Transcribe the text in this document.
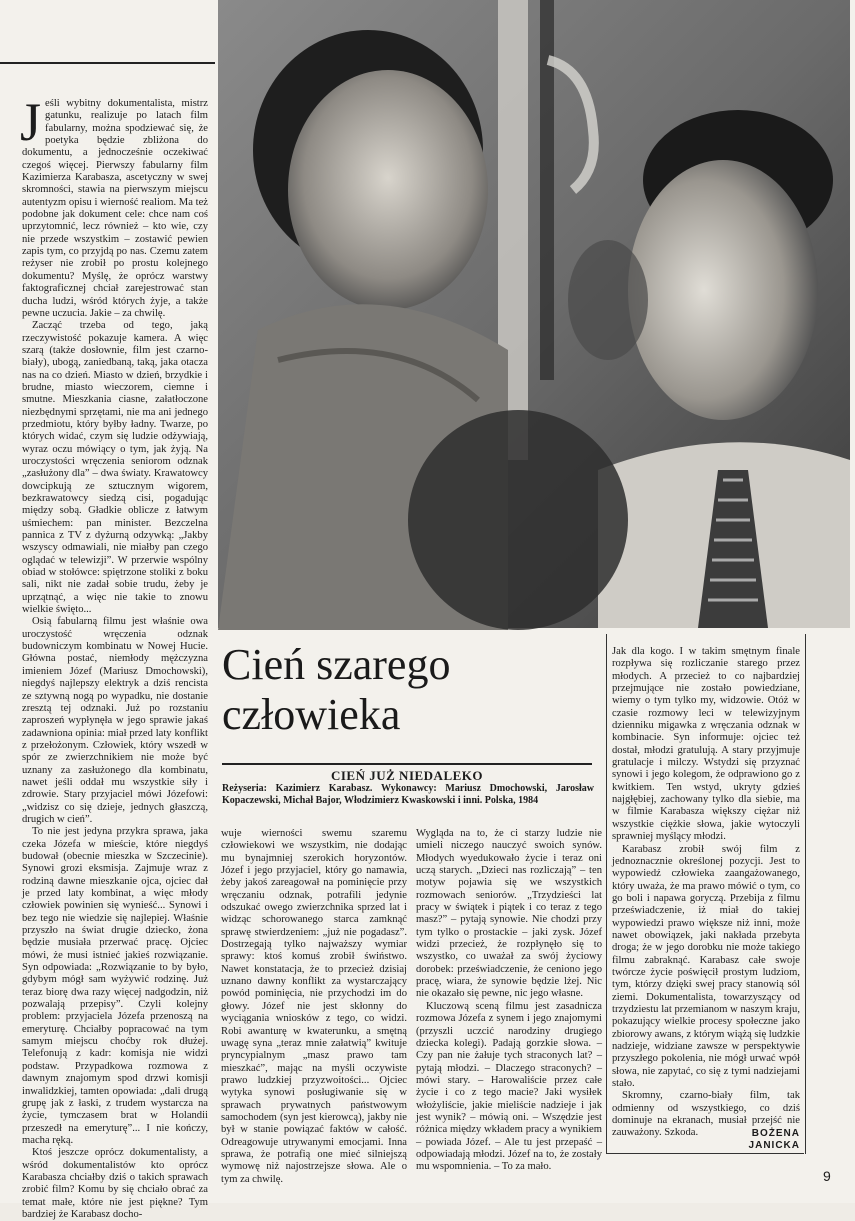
Jeśli wybitny dokumentalista, mistrz gatunku, realizuje po latach film fabularny, można spodziewać się, że poetyka będzie zbliżona do dokumentu, a jednocześnie oczekiwać czegoś więcej. Pierwszy fabularny film Kazimierza Karabasza, ascetyczny w swej skromności, stawia na pierwszym miejscu autentyzm opisu i wierność realiom. Ma też podobne jak dokument cele: chce nam coś uprzytomnić, lecz również – kto wie, czy nie przede wszystkim – zostawić pewien zapis tym, co przyjdą po nas. Czemu zatem reżyser nie zrobił po prostu kolejnego dokumentu? Myślę, że oprócz warstwy faktograficznej chciał zarejestrować stan ducha ludzi, wśród których żyje, a także pewne uczucia. Jakie – za chwilę.

Zacząć trzeba od tego, jaką rzeczywistość pokazuje kamera. A więc szarą (także dosłownie, film jest czarno-biały), ubogą, zaniedbaną, taką, jaka otacza nas na co dzień. Miasto w dzień, brzydkie i brudne, miasto wieczorem, ciemne i smutne. Mieszkania ciasne, załatłoczone niezbędnymi sprzętami, nie ma ani jednego przedmiotu, który byłby ładny. Twarze, po których widać, czym się ludzie odżywiają, wyraz oczu mówiący o tym, jak żyją. Na uroczystości wręczenia seniorom odznak „zasłużony dla” – dwa światy. Krawatowcy dowcipkują ze sztucznym wigorem, bezkrawatowcy siedzą cisi, pogadując między sobą. Gładkie oblicze z łatwym uśmiechem: pan minister. Bezczelna pannica z TV z dyżurną odzywką: „Jakby wszyscy odmawiali, nie miałby pan czego oglądać w telewizji”. W przerwie wspólny obiad w stołówce: spiętrzone stoliki z boku sali, nikt nie zadał sobie trudu, żeby je uprzątnąć, a więc nie takie to znowu wielkie święto...

Osią fabularną filmu jest właśnie owa uroczystość wręczenia odznak budowniczym kombinatu w Nowej Hucie. Główna postać, niemłody mężczyzna imieniem Józef (Mariusz Dmochowski), niegdyś najlepszy elektryk a dziś rencista ze sztywną nogą po wypadku, nie dostanie zresztą tej odznaki. Już po rozstaniu zaproszeń wypłynęła w jego sprawie jakaś zadawniona opinia: miał przed laty konflikt z przełożonym. Człowiek, który wszedł w spór ze zwierzchnikiem nie może być uznany za zasłużonego dla kombinatu, nawet jeśli oddał mu wszystkie siły i zdrowie. Stary przyjaciel mówi Józefowi: „widzisz co się dzieje, jednych głaszczą, drugich w cień”.

To nie jest jedyna przykra sprawa, jaka czeka Józefa w mieście, które niegdyś budował (obecnie mieszka w Szczecinie). Synowi grozi eksmisja. Zajmuje wraz z rodziną dawne mieszkanie ojca, ojciec dał je przed laty kombinat, a więc młody człowiek powinien się wynieść... Synowi i bez tego nie wiedzie się najlepiej. Właśnie przyszło na świat drugie dziecko, żona będzie musiała przerwać pracę. Ojciec mówi, że musi istnieć jakieś rozwiązanie. Syn odpowiada: „Rozwiązanie to by było, gdybym mógł sam wyżywić rodzinę. Już teraz biorę dwa razy więcej nadgodzin, niż pozwalają przepisy”. Czyli kolejny problem: przyjaciela Józefa przenoszą na emeryturę. Chciałby popracować na tym samym miejscu choćby rok dłużej. Telefonują z kadr: komisja nie widzi podstaw. Przypadkowa rozmowa z dawnym znajomym spod drzwi komisji inwalidzkiej, tamten opowiada: „dali drugą grupę jak z łaski, z trudem wystarcza na życie, tymczasem brat w Holandii przeszedł na emeryturę”... I nie kończy, macha ręką.

Ktoś jeszcze oprócz dokumentalisty, a wśród dokumentalistów kto oprócz Karabasza chciałby dziś o takich sprawach zrobić film? Komu by się chciało obrać za temat małe, które nie jest piękne? Tym bardziej że Karabasz docho-

Cień szarego
człowieka
CIEŃ JUŻ NIEDALEKO
Reżyseria: Kazimierz Karabasz. Wykonawcy: Mariusz Dmochowski, Jarosław Kopaczewski, Michał Bajor, Włodzimierz Kwaskowski i inni. Polska, 1984

wuje wierności swemu szaremu człowiekowi we wszystkim, nie dodając mu bynajmniej szerokich horyzontów. Józef i jego przyjaciel, który go namawia, żeby jakoś zareagował na pominięcie przy wręczaniu odznak, potrafili jedynie odszukać owego zwierzchnika sprzed lat i widząc schorowanego starca zamknąć sprawę stwierdzeniem: „już nie pogadasz”. Dostrzegają tylko najważszy wymiar sprawy: ktoś komuś zrobił świństwo. Nawet konstatacja, że to przecież dzisiaj uznano dawny konflikt za wystarczający powód pominięcia, nie przychodzi im do głowy. Józef nie jest skłonny do wyciągania wniosków z tego, co widzi. Robi awanturę w kwaterunku, a smętną uwagę syna „teraz mnie załatwią” kwituje pryncypialnym „masz prawo tam mieszkać”, mając na myśli oczywiste prawo ludzkiej przyzwoitości... Ojciec wytyka synowi posługiwanie się w sprawach prywatnych państwowym samochodem (syn jest kierowcą), jakby nie był w stanie powiązać faktów w całość. Odreagowuje utrywanymi emocjami. Inna sprawa, że potrafią one mieć silniejszą wymowę niż najostrzejsze słowa. Ale o tym za chwilę.

Wygląda na to, że ci starzy ludzie nie umieli niczego nauczyć swoich synów. Młodych wyedukowało życie i teraz oni uczą starych. „Dzieci nas rozliczają” – ten motyw pojawia się we wszystkich rozmowach seniorów. „Trzydzieści lat pracy w świątek i piątek i co teraz z tego masz?” – pytają synowie. Nie chodzi przy tym tylko o prostackie – jaki zysk. Józef widzi przecież, że rozpłynęło się to wszystko, co uważał za swój życiowy dorobek: przeświadczenie, że ceniono jego pracę, wiara, że synowie będzie lżej. Nic nie okazało się pewne, nic jego własne.

Kluczową sceną filmu jest zasadnicza rozmowa Józefa z synem i jego znajomymi (przyszli uczcić narodziny drugiego dziecka kolegi). Padają gorzkie słowa. – Czy pan nie żałuje tych straconych lat? – pytają młodzi. – Dlaczego straconych? – mówi stary. – Harowaliście przez całe życie i co z tego macie? Jaki wysiłek włożyliście, jakie mieliście nadzieje i jak jest wynik? – mówią oni. – Wszędzie jest różnica między wkładem pracy a wynikiem – powiada Józef. – Ale tu jest przepaść – odpowiadają młodzi. Józef na to, że zostały mu wspomnienia. – To za mało.

Jak dla kogo. I w takim smętnym finale rozpływa się rozliczanie starego przez młodych. A przecież to co najbardziej przejmujące nie zostało powiedziane, wiemy o tym tylko my, widzowie. Otóż w czasie rozmowy leci w telewizyjnym dzienniku migawka z wręczania odznak w kombinacie. Syn informuje: ojciec też dostał, młodzi gratulują. A stary przyjmuje gratulacje i milczy. Wstydzi się przyznać synowi i jego kolegom, że odprawiono go z kwitkiem. Ten wstyd, ukryty gdzieś najgłębiej, zachowany tylko dla siebie, ma w filmie Karabasza większy ciężar niż wszystkie ciężkie słowa, jakie wytoczyli sprawniej myślący młodzi.

Karabasz zrobił swój film z jednoznacznie określonej pozycji. Jest to wypowiedź człowieka zaangażowanego, który uważa, że ma prawo mówić o tym, co go boli i napawa goryczą. Przebija z filmu przeświadczenie, iż miał do takiej wypowiedzi prawo większe niż inni, może nawet obowiązek, jaki nakłada przebyta droga; że w jego dorobku nie może takiego filmu zabraknąć. Karabasz całe swoje twórcze życie poświęcił prostym ludziom, tym, którzy dzięki swej pracy stanowią sól ziemi. Dokumentalista, towarzyszący od trzydziestu lat przemianom w naszym kraju, pokazujący wielkie procesy społeczne jako zbiorowy awans, z którym wiążą się ludzkie nadzieje, widziane zawsze w perspektywie przyszłego pokolenia, nie mógł urwać wpół słowa, nie zapytać, co się z tymi nadziejami stało.

Skromny, czarno-biały film, tak odmienny od wszystkiego, co dziś dominuje na ekranach, musiał przejść nie zauważony. Szkoda.	BOŻENA
JANICKA
9
